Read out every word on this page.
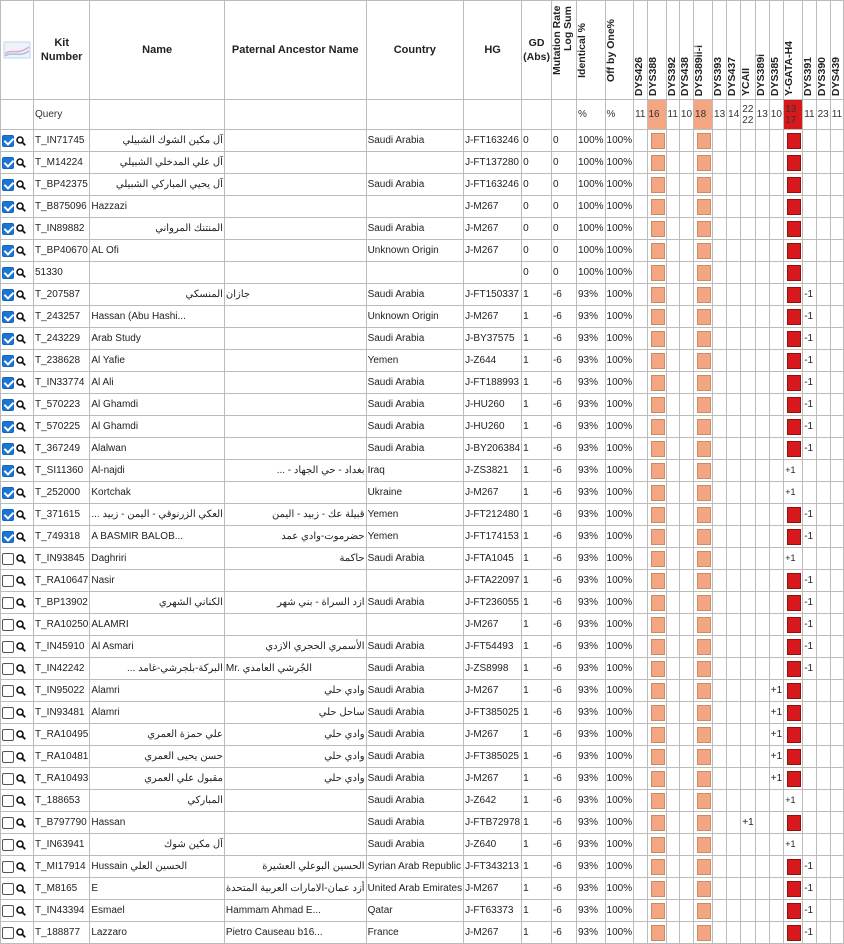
	Kit Number	Name	Paternal Ancestor Name	Country	HG	GD (Abs)	Mutation Rate Log Sum	Identical %	Off by One%	DYS426	DYS388	DYS392	DYS438	DYS389ii-i	DYS393	DYS437	YCAII	DYS389i	DYS385	Y-GATA-H4	DYS391	DYS390	DYS439
	Query							%	%	11	16	11	10	18	13	14	22 22	13	10	13 17	11	23	11
	T_IN71745	آل مكين الشوك الشبيلي		Saudi Arabia	J-FT163246	0	0	100%	100%														
	T_M14224	آل علي المدخلي الشبيلي			J-FT137280	0	0	100%	100%														
	T_BP42375	آل يحيي المباركي الشبيلي		Saudi Arabia	J-FT163246	0	0	100%	100%														
	T_B875096	Hazzazi			J-M267	0	0	100%	100%														
	T_IN89882	المنتنك المرواني		Saudi Arabia	J-M267	0	0	100%	100%														
	T_BP40670	AL Ofi		Unknown Origin	J-M267	0	0	100%	100%														
	51330					0	0	100%	100%														
	T_207587	المنسكي	جازان	Saudi Arabia	J-FT150337	1	-6	93%	100%												-1		
	T_243257	Hassan (Abu Hashi...		Unknown Origin	J-M267	1	-6	93%	100%												-1		
	T_243229	Arab Study		Saudi Arabia	J-BY37575	1	-6	93%	100%												-1		
	T_238628	Al Yafie		Yemen	J-Z644	1	-6	93%	100%												-1		
	T_IN33774	Al Ali		Saudi Arabia	J-FT188993	1	-6	93%	100%												-1		
	T_570223	Al Ghamdi		Saudi Arabia	J-HU260	1	-6	93%	100%												-1		
	T_570225	Al Ghamdi		Saudi Arabia	J-HU260	1	-6	93%	100%												-1		
	T_367249	Alalwan		Saudi Arabia	J-BY206384	1	-6	93%	100%												-1		
	T_SI11360	Al-najdi	بغداد - حي الجهاد - ...	Iraq	J-ZS3821	1	-6	93%	100%											+1			
	T_252000	Kortchak		Ukraine	J-M267	1	-6	93%	100%											+1			
	T_371615	العكي الزرنوقي - اليمن - زبيد ...	قبيلة عك - زبيد - اليمن	Yemen	J-FT212480	1	-6	93%	100%												-1		
	T_749318	A BASMIR BALOB...	حضرموت-وادي عمد	Yemen	J-FT174153	1	-6	93%	100%												-1		
	T_IN93845	Daghriri	حاكمة	Saudi Arabia	J-FTA1045	1	-6	93%	100%											+1			
	T_RA10647	Nasir			J-FTA22097	1	-6	93%	100%												-1		
	T_BP13902	الكناني الشهري	ازد السراة - بني شهر	Saudi Arabia	J-FT236055	1	-6	93%	100%												-1		
	T_RA10250	ALAMRI			J-M267	1	-6	93%	100%												-1		
	T_IN45910	Al Asmari	الأسمري الحجري الازدي	Saudi Arabia	J-FT54493	1	-6	93%	100%												-1		
	T_IN42242	البركة-بلجرشي-غامد ...	Mr. الجُرشي العامدي	Saudi Arabia	J-ZS8998	1	-6	93%	100%												-1		
	T_IN95022	Alamri	وادي حلي	Saudi Arabia	J-M267	1	-6	93%	100%										+1				
	T_IN93481	Alamri	ساحل حلي	Saudi Arabia	J-FT385025	1	-6	93%	100%										+1				
	T_RA10495	علي حمزة العمري	وادي حلي	Saudi Arabia	J-M267	1	-6	93%	100%										+1				
	T_RA10481	حسن يحيى العمري	وادي حلي	Saudi Arabia	J-FT385025	1	-6	93%	100%										+1				
	T_RA10493	مقبول علي العمري	وادي حلي	Saudi Arabia	J-M267	1	-6	93%	100%										+1				
	T_188653	المباركي		Saudi Arabia	J-Z642	1	-6	93%	100%											+1			
	T_B797790	Hassan		Saudi Arabia	J-FTB72978	1	-6	93%	100%								+1						
	T_IN63941	آل مكين شوك		Saudi Arabia	J-Z640	1	-6	93%	100%											+1			
	T_MI17914	Hussain الحسين العلي	الحسين البوعلي العشيرة	Syrian Arab Republic	J-FT343213	1	-6	93%	100%												-1		
	T_M8165	E	أزد عمان-الامارات العربية المتحدة	United Arab Emirates	J-M267	1	-6	93%	100%												-1		
	T_IN43394	Esmael	Hammam Ahmad E...	Qatar	J-FT63373	1	-6	93%	100%												-1		
	T_188877	Lazzaro	Pietro Causeau b16...	France	J-M267	1	-6	93%	100%												-1		
